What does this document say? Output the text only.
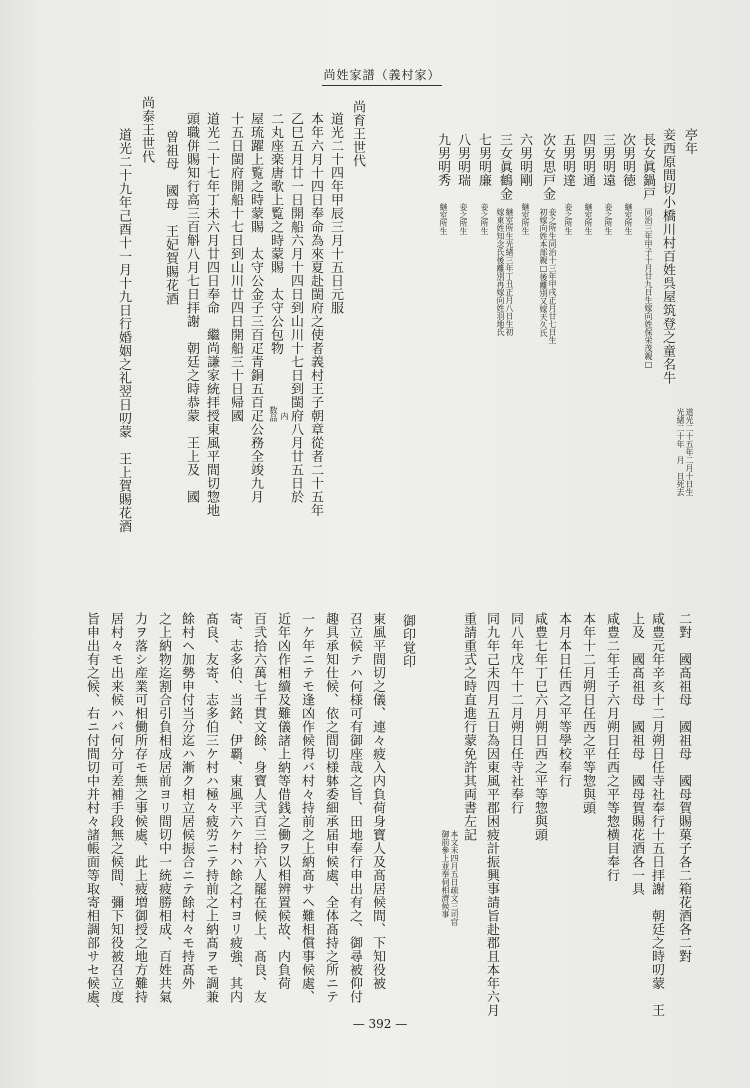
尚姓家譜（義村家）
亭年
妾西原間切小橋川村百姓呉屋筑登之童名牛
長女眞鍋戸
次男明徳
三男明遠
四男明通
五男明達
次女思戸金
六男明剛
三女眞鶴金
七男明廉
八男明瑞
九男明秀
尚育王世代
道光二十四年甲辰三月十五日元服
本年六月十四日奉命為來夏赴閩府之使者義村王子朝章從者二十五年
乙巳五月廿一日開船六月十四日到山川十七日到閩府八月廿五日於
二丸座楽唐歌上覧之時蒙賜　太守公包物
屋琉躍上覧之時蒙賜　太守公金子三百疋青銅五百疋公務全竣九月
十五日閩府開船十七日到山川廿四日開船三十日帰國
道光二十七年丁未六月廿四日奉命　繼尚謙家統拝授東風平間切惣地
頭職併賜知行高三百斛八月七日拝謝　朝廷之時恭蒙　王上及　國
曽祖母　國母　王妃賀賜花酒
尚泰王世代
道光二十九年己酉十一月十九日行婚姻之礼翌日叨蒙　王上賀賜花酒	道光二十五年二月十日生
光緒二十年　月　日死去
同治三年甲子十月廿九日生嫁向姓保栄茂親□
継室所生
妾之所生
継室所生
妾之所生
妾之所生同治十三年甲戌正月廿七日生
初嫁向姓本部親□後離別又嫁天久氏
継室所生
継室所生光緒三年丁丑正月八日生初
嫁東姓知念氏後離別再嫁向姓羽地氏
妾之所生
妾之所生
継室所生
内
数品
二對　國髙祖母　國祖母　國母賀賜菓子各二箱花酒各二對
咸豊元年辛亥十二月朔日任寺社奉行十五日拝謝　朝廷之時叨蒙　王
上及　國髙祖母　國祖母　國母賀賜花酒各一具
咸豊二年壬子六月朔日任西之平等惣横目奉行
本年十二月朔日任西之平等惣與頭
本月本日任西之平等學校奉行
咸豊七年丁巳六月朔日西之平等惣與頭
同八年戊午十二月朔日任寺社奉行
同九年己未四月五日為因東風平郡困疲計振興事請旨赴郡且本年六月
重請重式之時直進行蒙免許其両書左記
御印覚印
東風平間切之儀、連々疲入内負荷身寶人及髙居候間、下知役被
召立候テハ何様可有御座哉之旨、田地奉行申出有之、御尋被仰付
趣具承知仕候、依之間切様躰委細承届申候處、全体髙持之所ニテ
一ケ年ニテモ逢凶作候得バ村々持前之上納髙サヘ難相償事候處、
近年凶作相續及難儀諸上納等借銭之働ヲ以相辨置候故、内負荷
百弐拾六萬七千貫文餘、身寶人弐百三拾六人罷在候上、髙良、友
寄、志多伯、当銘、伊覇、東風平六ケ村ハ餘之村ヨリ疲強、其内
髙良、友寄、志多伯三ケ村ハ極々疲労ニテ持前之上納髙ヲモ調兼
餘村ヘ加勢申付当分迄ハ漸ク相立居候振合ニテ餘村々モ持髙外
之上納物迄割合引負相成居前ヨリ間切中一統疲勝相成、百姓共氣
力ヲ落シ産業可相働所存モ無之事候處、此上疲増御授之地方難持
居村々モ出来候ハバ何分可差補手段無之候間、彌下知役被召立度
旨申出有之候、右ニ付間切中并村々諸帳面等取寄相調部サセ候處、	本文未四月五日疏文三司官
御前參上並奉伺相濟候事
— 392 —
